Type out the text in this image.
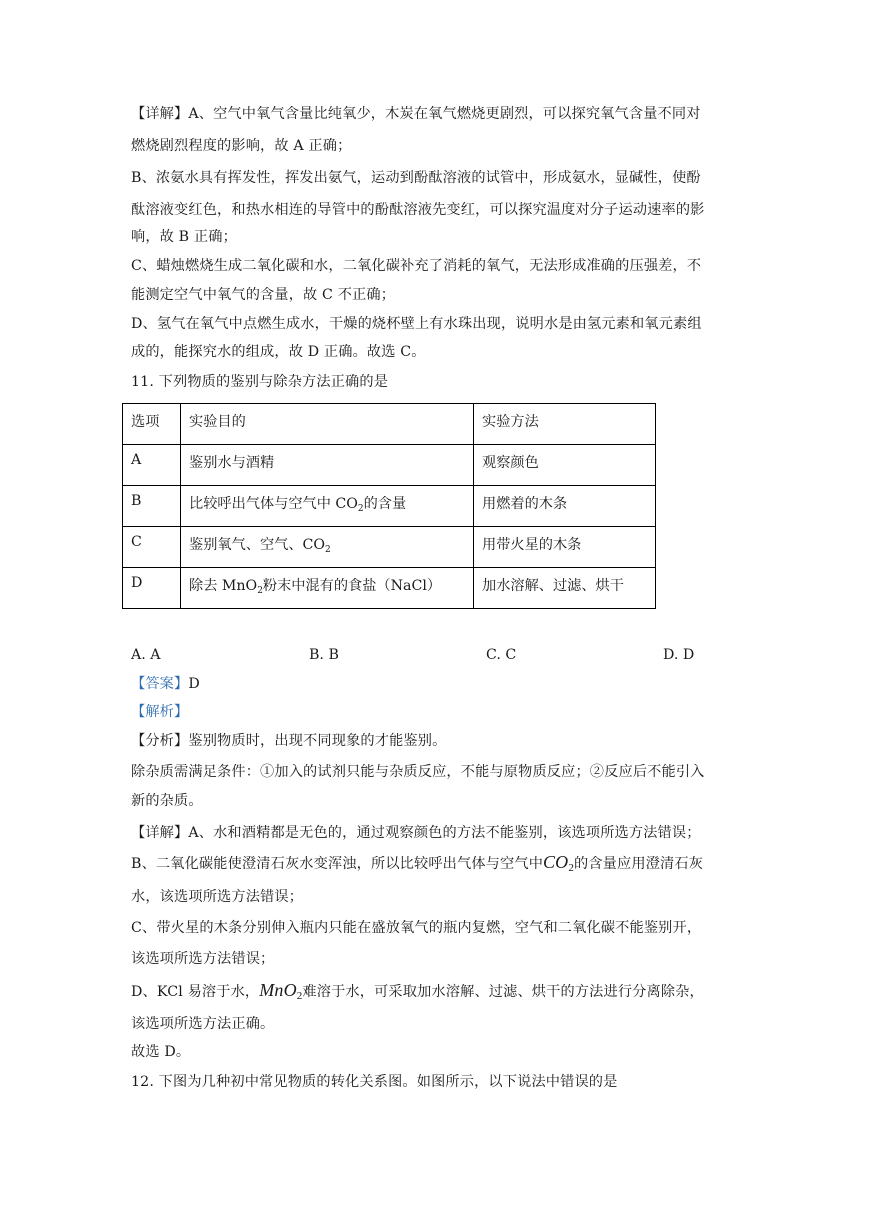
【详解】A、空气中氧气含量比纯氧少，木炭在氧气燃烧更剧烈，可以探究氧气含量不同对
燃烧剧烈程度的影响，故 A 正确；
B、浓氨水具有挥发性，挥发出氨气，运动到酚酞溶液的试管中，形成氨水，显碱性，使酚
酞溶液变红色，和热水相连的导管中的酚酞溶液先变红，可以探究温度对分子运动速率的影
响，故 B 正确；
C、蜡烛燃烧生成二氧化碳和水，二氧化碳补充了消耗的氧气，无法形成准确的压强差，不
能测定空气中氧气的含量，故 C 不正确；
D、氢气在氧气中点燃生成水，干燥的烧杯壁上有水珠出现，说明水是由氢元素和氧元素组
成的，能探究水的组成，故 D 正确。故选 C。
11. 下列物质的鉴别与除杂方法正确的是
选项	实验目的	实验方法
A	鉴别水与酒精	观察颜色
B	比较呼出气体与空气中 $CO_2$的含量	用燃着的木条
C	鉴别氧气、空气、$CO_2$	用带火星的木条
D	除去 MnO$_2$粉末中混有的食盐（NaCl）	加水溶解、过滤、烘干
A. A	B. B	C. C	D. D
【答案】D
【解析】
【分析】鉴别物质时，出现不同现象的才能鉴别。
除杂质需满足条件：①加入的试剂只能与杂质反应，不能与原物质反应；②反应后不能引入
新的杂质。
【详解】A、水和酒精都是无色的，通过观察颜色的方法不能鉴别，该选项所选方法错误；
B、二氧化碳能使澄清石灰水变浑浊，所以比较呼出气体与空气中$CO_2$的含量应用澄清石灰
水，该选项所选方法错误；
C、带火星的木条分别伸入瓶内只能在盛放氧气的瓶内复燃，空气和二氧化碳不能鉴别开，
该选项所选方法错误；
D、KCl 易溶于水，MnO$_2$难溶于水，可采取加水溶解、过滤、烘干的方法进行分离除杂，
该选项所选方法正确。
故选 D。
12. 下图为几种初中常见物质的转化关系图。如图所示，以下说法中错误的是
